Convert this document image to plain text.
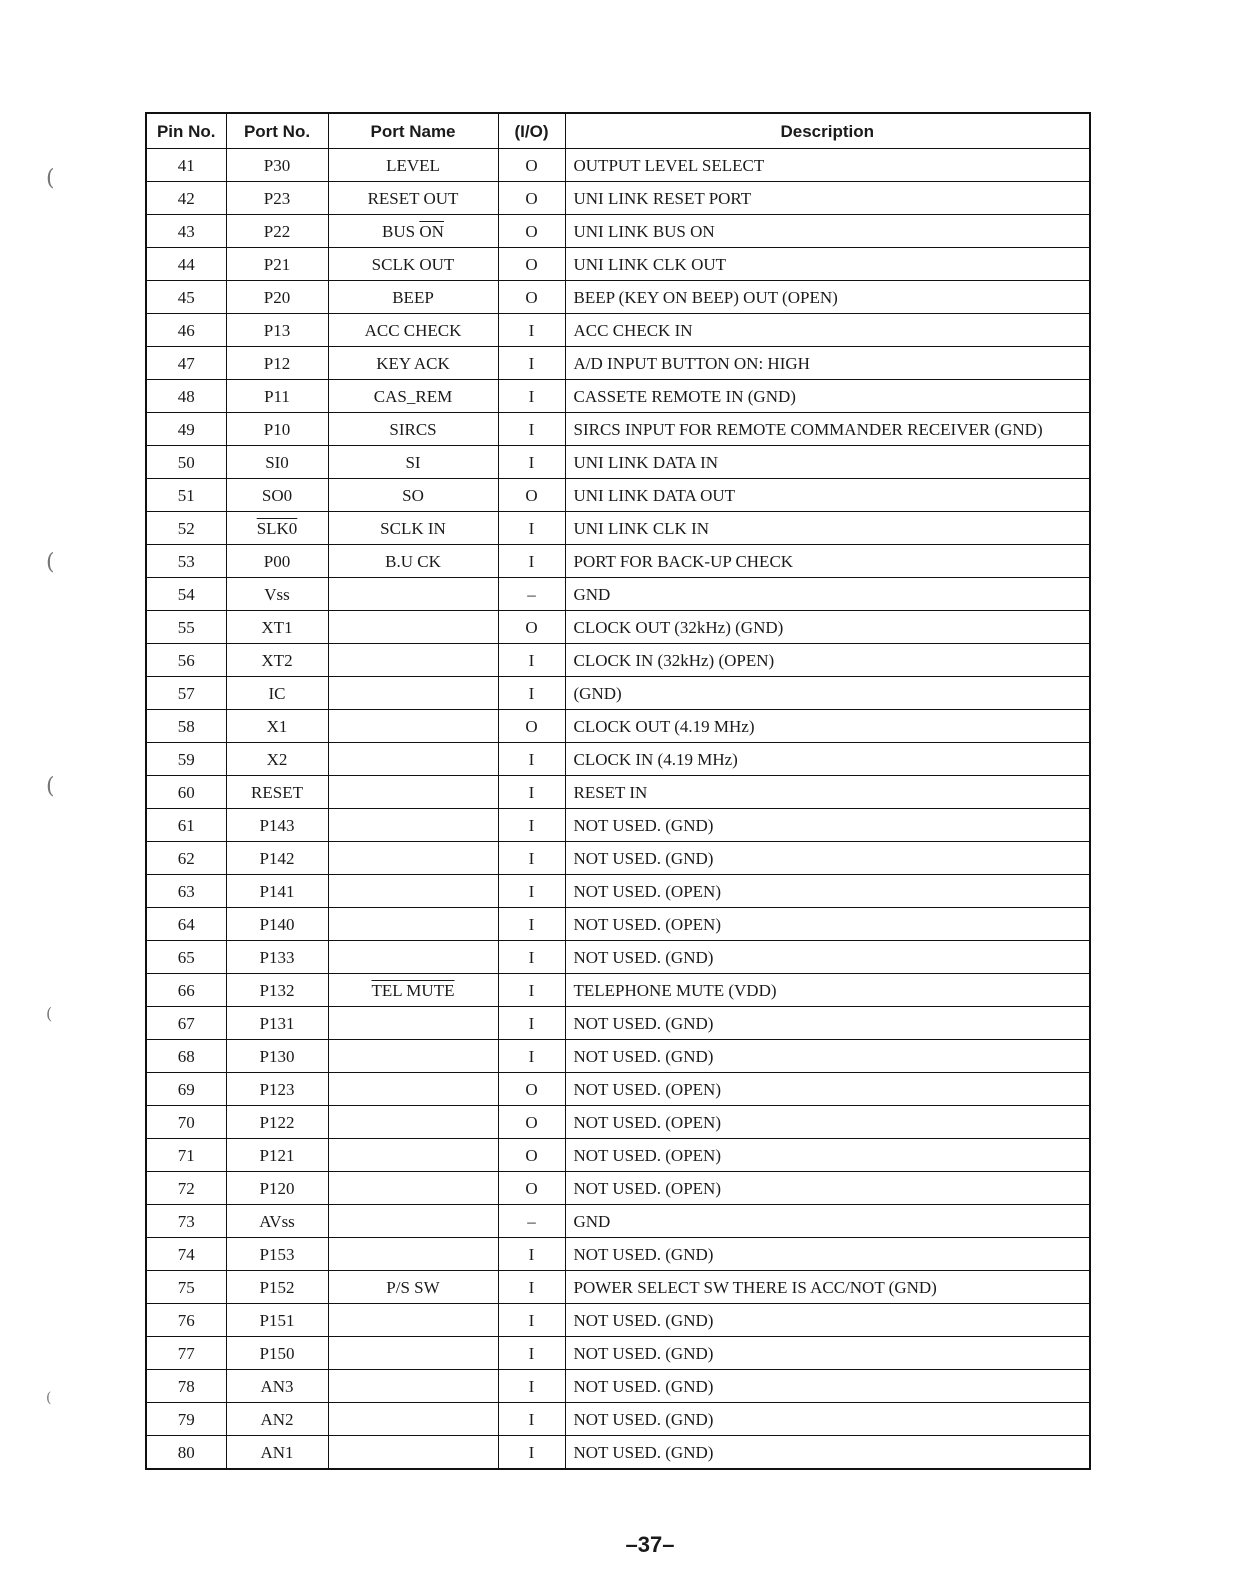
(
(
(
(
(
Pin No.	Port No.	Port Name	(I/O)	Description
41	P30	LEVEL	O	OUTPUT LEVEL SELECT
42	P23	RESET OUT	O	UNI LINK RESET PORT
43	P22	BUS $\overline{ON}$	O	UNI LINK BUS ON
44	P21	SCLK OUT	O	UNI LINK CLK OUT
45	P20	BEEP	O	BEEP (KEY ON BEEP) OUT (OPEN)
46	P13	ACC CHECK	I	ACC CHECK IN
47	P12	KEY ACK	I	A/D INPUT BUTTON ON: HIGH
48	P11	CAS_REM	I	CASSETE REMOTE IN (GND)
49	P10	SIRCS	I	SIRCS INPUT FOR REMOTE COMMANDER RECEIVER (GND)
50	SI0	SI	I	UNI LINK DATA IN
51	SO0	SO	O	UNI LINK DATA OUT
52	SLK0	SCLK IN	I	UNI LINK CLK IN
53	P00	B.U CK	I	PORT FOR BACK-UP CHECK
54	Vss		–	GND
55	XT1		O	CLOCK OUT (32kHz) (GND)
56	XT2		I	CLOCK IN (32kHz) (OPEN)
57	IC		I	(GND)
58	X1		O	CLOCK OUT (4.19 MHz)
59	X2		I	CLOCK IN (4.19 MHz)
60	RESET		I	RESET IN
61	P143		I	NOT USED. (GND)
62	P142		I	NOT USED. (GND)
63	P141		I	NOT USED. (OPEN)
64	P140		I	NOT USED. (OPEN)
65	P133		I	NOT USED. (GND)
66	P132	TEL MUTE	I	TELEPHONE MUTE (VDD)
67	P131		I	NOT USED. (GND)
68	P130		I	NOT USED. (GND)
69	P123		O	NOT USED. (OPEN)
70	P122		O	NOT USED. (OPEN)
71	P121		O	NOT USED. (OPEN)
72	P120		O	NOT USED. (OPEN)
73	AVss		–	GND
74	P153		I	NOT USED. (GND)
75	P152	P/S SW	I	POWER SELECT SW THERE IS ACC/NOT (GND)
76	P151		I	NOT USED. (GND)
77	P150		I	NOT USED. (GND)
78	AN3		I	NOT USED. (GND)
79	AN2		I	NOT USED. (GND)
80	AN1		I	NOT USED. (GND)
–37–
